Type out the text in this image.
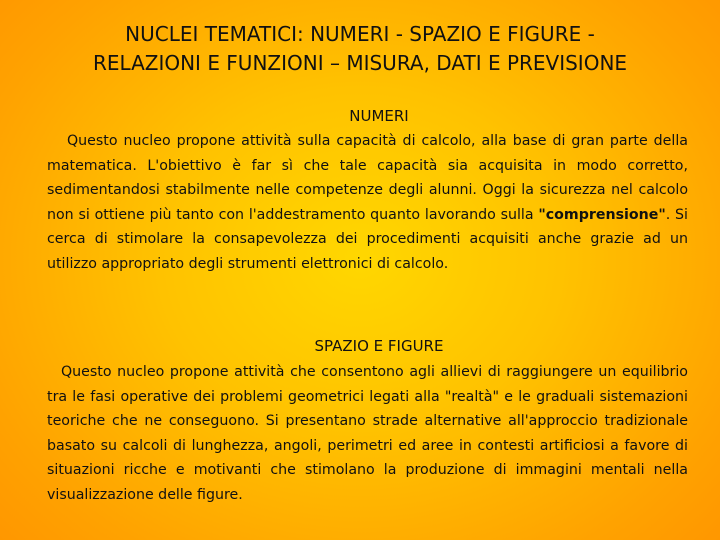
NUCLEI TEMATICI: NUMERI - SPAZIO E FIGURE -
RELAZIONI E FUNZIONI – MISURA, DATI E PREVISIONE
NUMERI

Questo nucleo propone attività sulla capacità di calcolo, alla base di gran parte della matematica. L'obiettivo è far sì che tale capacità sia acquisita in modo corretto, sedimentandosi stabilmente nelle competenze degli alunni. Oggi la sicurezza nel calcolo non si ottiene più tanto con l'addestramento quanto lavorando sulla "comprensione". Si cerca di stimolare la consapevolezza dei procedimenti acquisiti anche grazie ad un utilizzo appropriato degli strumenti elettronici di calcolo.

SPAZIO E FIGURE

Questo nucleo propone attività che consentono agli allievi di raggiungere un equilibrio tra le fasi operative dei problemi geometrici legati alla "realtà" e le graduali sistemazioni teoriche che ne conseguono. Si presentano strade alternative all'approccio tradizionale basato su calcoli di lunghezza, angoli, perimetri ed aree in contesti artificiosi a favore di situazioni ricche e motivanti che stimolano la produzione di immagini mentali nella visualizzazione delle figure.
